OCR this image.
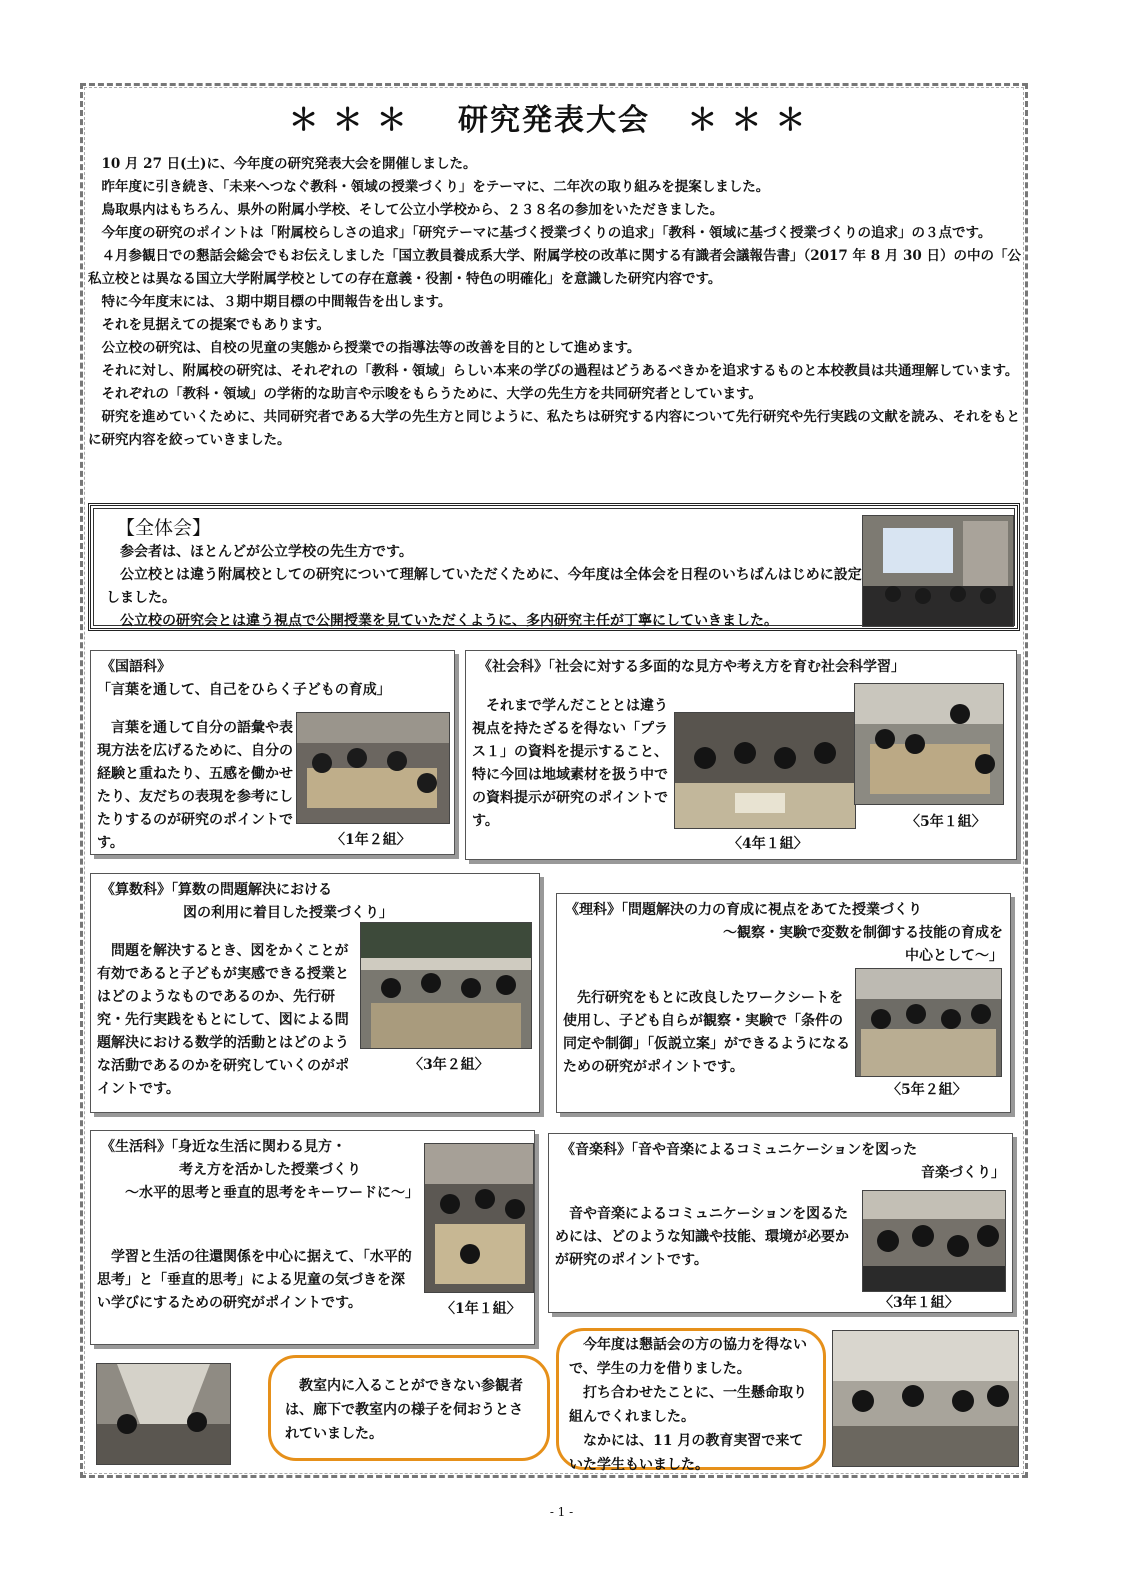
＊＊＊ 研究発表大会 ＊＊＊

10 月 27 日(土)に、今年度の研究発表大会を開催しました。

昨年度に引き続き、「未来へつなぐ教科・領域の授業づくり」をテーマに、二年次の取り組みを提案しました。

鳥取県内はもちろん、県外の附属小学校、そして公立小学校から、２３８名の参加をいただきました。

今年度の研究のポイントは「附属校らしさの追求」「研究テーマに基づく授業づくりの追求」「教科・領域に基づく授業づくりの追求」の３点です。

４月参観日での懇話会総会でもお伝えしました「国立教員養成系大学、附属学校の改革に関する有識者会議報告書」（2017 年 8 月 30 日）の中の「公私立校とは異なる国立大学附属学校としての存在意義・役割・特色の明確化」を意識した研究内容です。

特に今年度末には、３期中期目標の中間報告を出します。

それを見据えての提案でもあります。

公立校の研究は、自校の児童の実態から授業での指導法等の改善を目的として進めます。

それに対し、附属校の研究は、それぞれの「教科・領域」らしい本来の学びの過程はどうあるべきかを追求するものと本校教員は共通理解しています。

それぞれの「教科・領域」の学術的な助言や示唆をもらうために、大学の先生方を共同研究者としています。

研究を進めていくために、共同研究者である大学の先生方と同じように、私たちは研究する内容について先行研究や先行実践の文献を読み、それをもとに研究内容を絞っていきました。

【全体会】

参会者は、ほとんどが公立学校の先生方です。

公立校とは違う附属校としての研究について理解していただくために、今年度は全体会を日程のいちばんはじめに設定しました。

公立校の研究会とは違う視点で公開授業を見ていただくように、多内研究主任が丁寧にしていきました。

《国語科》
「言葉を通して、自己をひらく子どもの育成」

言葉を通して自分の語彙や表現方法を広げるために、自分の経験と重ねたり、五感を働かせたり、友だちの表現を参考にしたりするのが研究のポイントです。	〈1年２組〉
《社会科》「社会に対する多面的な見方や考え方を育む社会科学習」

それまで学んだこととは違う視点を持たざるを得ない「プラス１」の資料を提示すること、特に今回は地域素材を扱う中での資料提示が研究のポイントです。

〈4年１組〉
〈5年１組〉
《算数科》「算数の問題解決における
図の利用に着目した授業づくり」

問題を解決するとき、図をかくことが有効であると子どもが実感できる授業とはどのようなものであるのか、先行研究・先行実践をもとにして、図による問題解決における数学的活動とはどのような活動であるのかを研究していくのがポイントです。

〈3年２組〉
《理科》「問題解決の力の育成に視点をあてた授業づくり
～観察・実験で変数を制御する技能の育成を
中心として～」

先行研究をもとに改良したワークシートを使用し、子ども自らが観察・実験で「条件の同定や制御」「仮説立案」ができるようになるための研究がポイントです。

〈5年２組〉
《生活科》「身近な生活に関わる見方・
考え方を活かした授業づくり
～水平的思考と垂直的思考をキーワードに～」

学習と生活の往還関係を中心に据えて、「水平的思考」と「垂直的思考」による児童の気づきを深い学びにするための研究がポイントです。	〈1年１組〉
《音楽科》「音や音楽によるコミュニケーションを図った
音楽づくり」

音や音楽によるコミュニケーションを図るためには、どのような知識や技能、環境が必要かが研究のポイントです。

〈3年１組〉

教室内に入ることができない参観者は、廊下で教室内の様子を伺おうとされていました。

今年度は懇話会の方の協力を得ないで、学生の力を借りました。

打ち合わせたことに、一生懸命取り組んでくれました。

なかには、11 月の教育実習で来ていた学生もいました。

- 1 -
